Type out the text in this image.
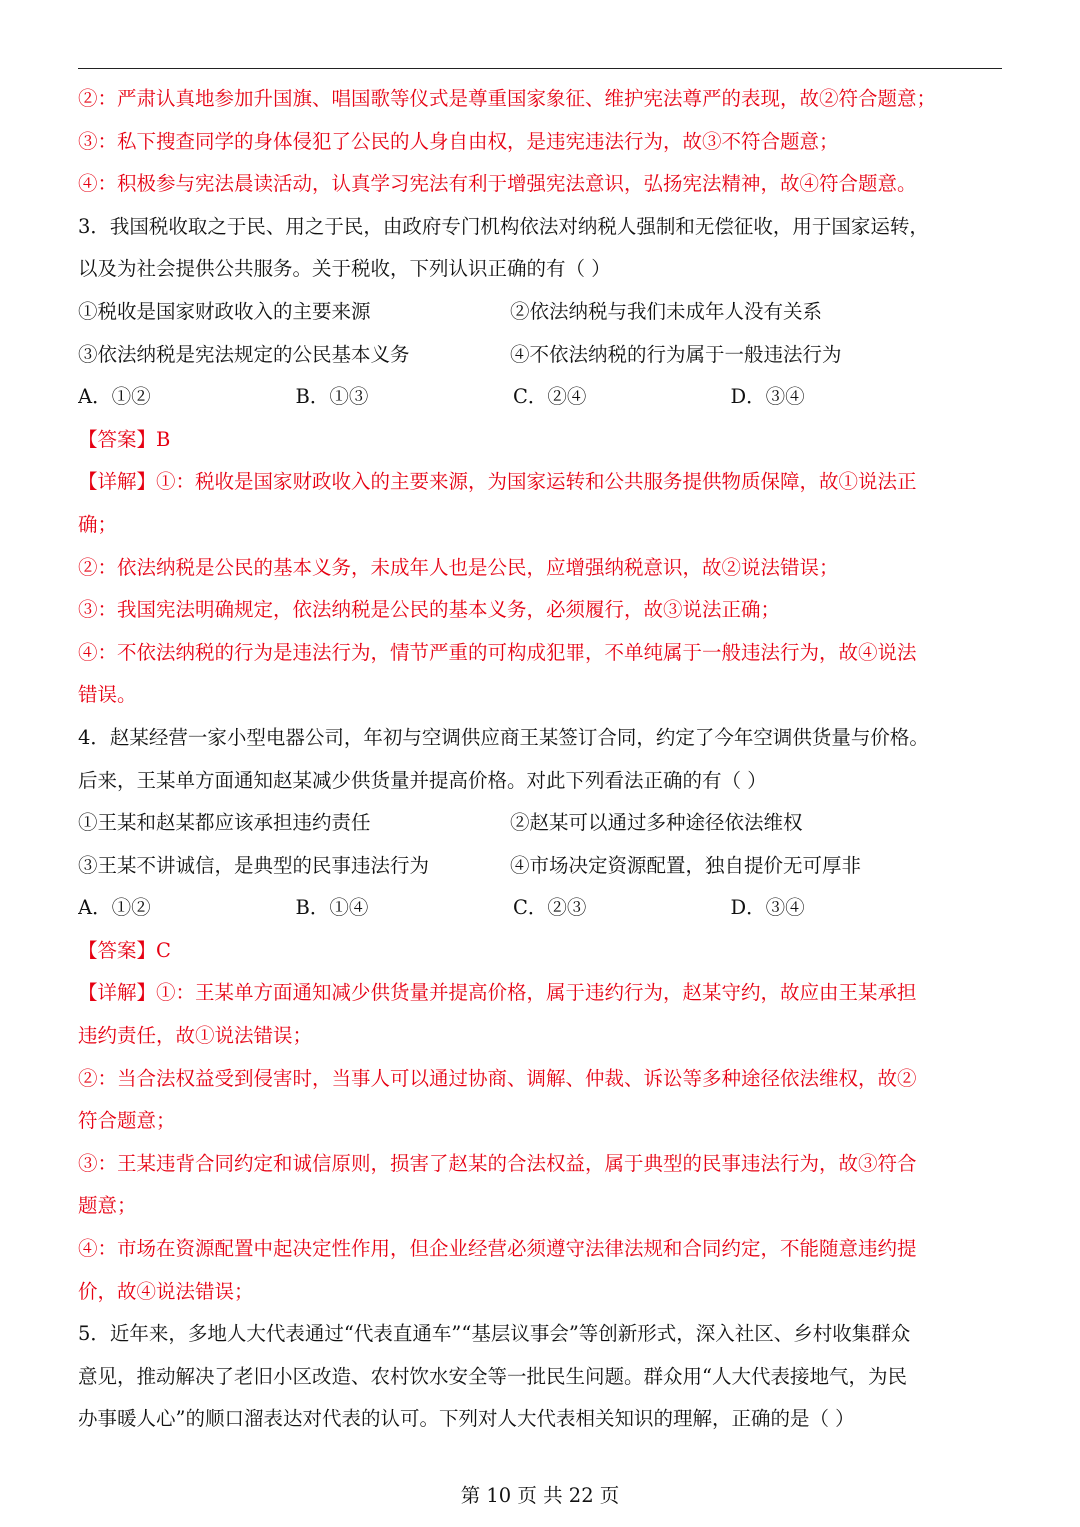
②：严肃认真地参加升国旗、唱国歌等仪式是尊重国家象征、维护宪法尊严的表现，故②符合题意；
③：私下搜查同学的身体侵犯了公民的人身自由权，是违宪违法行为，故③不符合题意；
④：积极参与宪法晨读活动，认真学习宪法有利于增强宪法意识，弘扬宪法精神，故④符合题意。
3．我国税收取之于民、用之于民，由政府专门机构依法对纳税人强制和无偿征收，用于国家运转，
以及为社会提供公共服务。关于税收，下列认识正确的有（ ）
①税收是国家财政收入的主要来源	②依法纳税与我们未成年人没有关系
③依法纳税是宪法规定的公民基本义务	④不依法纳税的行为属于一般违法行为
A．①②	B．①③	C．②④	D．③④
【答案】B
【详解】①：税收是国家财政收入的主要来源，为国家运转和公共服务提供物质保障，故①说法正
确；
②：依法纳税是公民的基本义务，未成年人也是公民，应增强纳税意识，故②说法错误；
③：我国宪法明确规定，依法纳税是公民的基本义务，必须履行，故③说法正确；
④：不依法纳税的行为是违法行为，情节严重的可构成犯罪，不单纯属于一般违法行为，故④说法
错误。
4．赵某经营一家小型电器公司，年初与空调供应商王某签订合同，约定了今年空调供货量与价格。
后来，王某单方面通知赵某减少供货量并提高价格。对此下列看法正确的有（ ）
①王某和赵某都应该承担违约责任	②赵某可以通过多种途径依法维权
③王某不讲诚信，是典型的民事违法行为	④市场决定资源配置，独自提价无可厚非
A．①②	B．①④	C．②③	D．③④
【答案】C
【详解】①：王某单方面通知减少供货量并提高价格，属于违约行为，赵某守约，故应由王某承担
违约责任，故①说法错误；
②：当合法权益受到侵害时，当事人可以通过协商、调解、仲裁、诉讼等多种途径依法维权，故②
符合题意；
③：王某违背合同约定和诚信原则，损害了赵某的合法权益，属于典型的民事违法行为，故③符合
题意；
④：市场在资源配置中起决定性作用，但企业经营必须遵守法律法规和合同约定，不能随意违约提
价，故④说法错误；
5．近年来，多地人大代表通过“代表直通车”“基层议事会”等创新形式，深入社区、乡村收集群众
意见，推动解决了老旧小区改造、农村饮水安全等一批民生问题。群众用“人大代表接地气，为民
办事暖人心”的顺口溜表达对代表的认可。下列对人大代表相关知识的理解，正确的是（ ）
第 10 页 共 22 页
